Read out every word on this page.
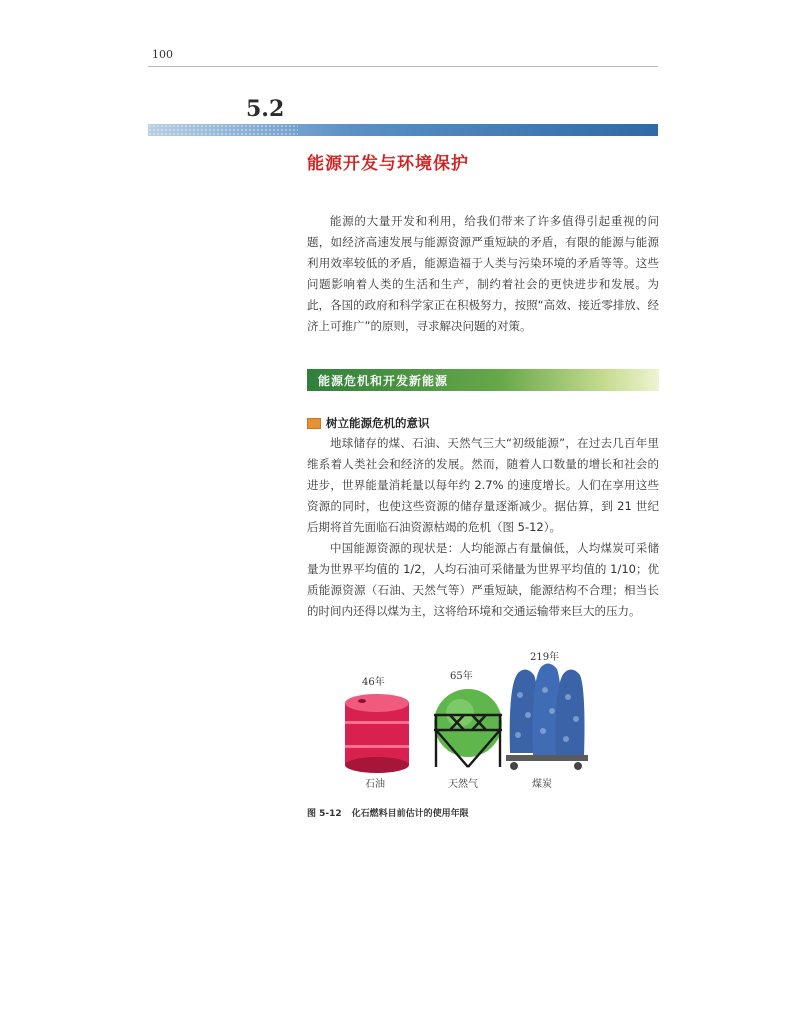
100
5.2
能源开发与环境保护

能源的大量开发和利用，给我们带来了许多值得引起重视的问题，如经济高速发展与能源资源严重短缺的矛盾，有限的能源与能源利用效率较低的矛盾，能源造福于人类与污染环境的矛盾等等。这些问题影响着人类的生活和生产，制约着社会的更快进步和发展。为此，各国的政府和科学家正在积极努力，按照“高效、接近零排放、经济上可推广”的原则，寻求解决问题的对策。

能源危机和开发新能源
树立能源危机的意识

地球储存的煤、石油、天然气三大“初级能源”，在过去几百年里维系着人类社会和经济的发展。然而，随着人口数量的增长和社会的进步，世界能量消耗量以每年约 2.7% 的速度增长。人们在享用这些资源的同时，也使这些资源的储存量逐渐减少。据估算，到 21 世纪后期将首先面临石油资源枯竭的危机（图 5-12）。

中国能源资源的现状是：人均能源占有量偏低，人均煤炭可采储量为世界平均值的 1/2，人均石油可采储量为世界平均值的 1/10；优质能源资源（石油、天然气等）严重短缺，能源结构不合理；相当长的时间内还得以煤为主，这将给环境和交通运输带来巨大的压力。

46年
65年
219年
石油	天然气	煤炭
图 5-12 化石燃料目前估计的使用年限
